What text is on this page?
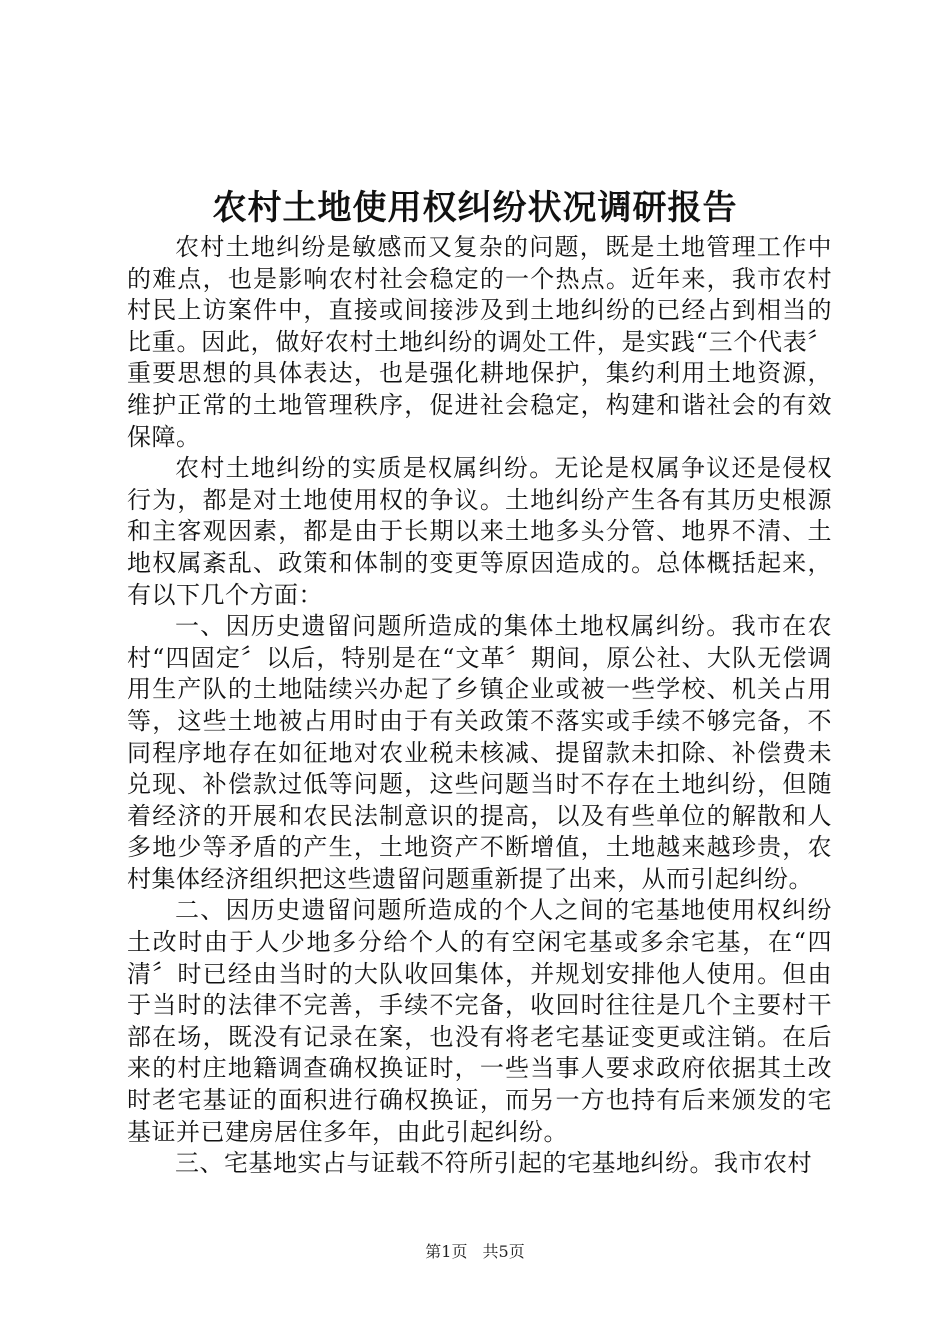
农村土地使用权纠纷状况调研报告

农村土地纠纷是敏感而又复杂的问题，既是土地管理工作中的难点，也是影响农村社会稳定的一个热点。近年来，我市农村村民上访案件中，直接或间接涉及到土地纠纷的已经占到相当的比重。因此，做好农村土地纠纷的调处工件，是实践“三个代表〞重要思想的具体表达，也是强化耕地保护，集约利用土地资源，维护正常的土地管理秩序，促进社会稳定，构建和谐社会的有效保障。

农村土地纠纷的实质是权属纠纷。无论是权属争议还是侵权行为，都是对土地使用权的争议。土地纠纷产生各有其历史根源和主客观因素，都是由于长期以来土地多头分管、地界不清、土地权属紊乱、政策和体制的变更等原因造成的。总体概括起来，有以下几个方面：

一、因历史遗留问题所造成的集体土地权属纠纷。我市在农村“四固定〞以后，特别是在“文革〞期间，原公社、大队无偿调用生产队的土地陆续兴办起了乡镇企业或被一些学校、机关占用等，这些土地被占用时由于有关政策不落实或手续不够完备，不同程序地存在如征地对农业税未核减、提留款未扣除、补偿费未兑现、补偿款过低等问题，这些问题当时不存在土地纠纷，但随着经济的开展和农民法制意识的提高，以及有些单位的解散和人多地少等矛盾的产生，土地资产不断增值，土地越来越珍贵，农村集体经济组织把这些遗留问题重新提了出来，从而引起纠纷。

二、因历史遗留问题所造成的个人之间的宅基地使用权纠纷土改时由于人少地多分给个人的有空闲宅基或多余宅基，在“四清〞时已经由当时的大队收回集体，并规划安排他人使用。但由于当时的法律不完善，手续不完备，收回时往往是几个主要村干部在场，既没有记录在案，也没有将老宅基证变更或注销。在后来的村庄地籍调查确权换证时，一些当事人要求政府依据其土改时老宅基证的面积进行确权换证，而另一方也持有后来颁发的宅基证并已建房居住多年，由此引起纠纷。

三、宅基地实占与证载不符所引起的宅基地纠纷。我市农村

第1页 共5页
